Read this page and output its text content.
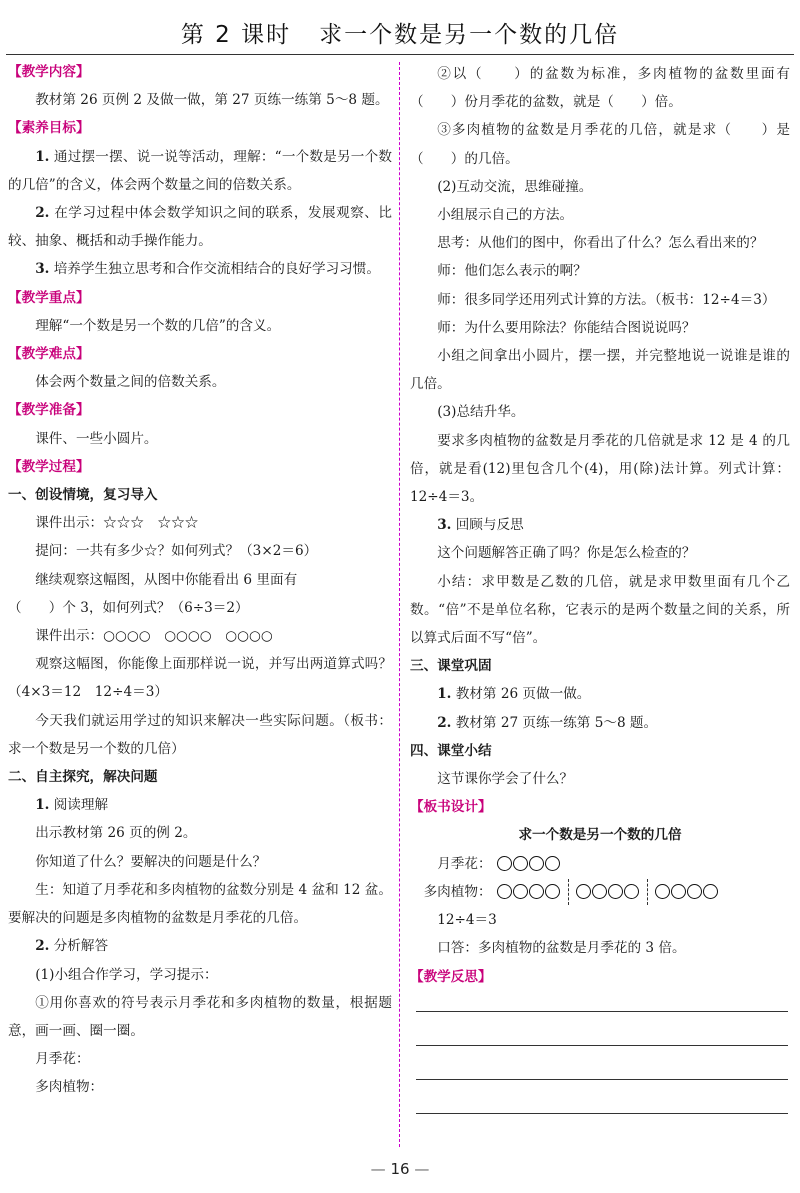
第 2 课时 求一个数是另一个数的几倍
【教学内容】
教材第 26 页例 2 及做一做，第 27 页练一练第 5～8 题。
【素养目标】
1. 通过摆一摆、说一说等活动，理解：“一个数是另一个数的几倍”的含义，体会两个数量之间的倍数关系。
2. 在学习过程中体会数学知识之间的联系，发展观察、比较、抽象、概括和动手操作能力。
3. 培养学生独立思考和合作交流相结合的良好学习习惯。
【教学重点】
理解“一个数是另一个数的几倍”的含义。
【教学难点】
体会两个数量之间的倍数关系。
【教学准备】
课件、一些小圆片。
【教学过程】
一、创设情境，复习导入
课件出示：☆☆☆　☆☆☆
提问：一共有多少☆？如何列式？（3×2＝6）
继续观察这幅图，从图中你能看出 6 里面有
（　　）个 3，如何列式？（6÷3＝2）
课件出示：○○○○　○○○○　○○○○
观察这幅图，你能像上面那样说一说，并写出两道算式吗？（4×3＝12　12÷4＝3）
今天我们就运用学过的知识来解决一些实际问题。（板书：求一个数是另一个数的几倍）
二、自主探究，解决问题
1. 阅读理解
出示教材第 26 页的例 2。
你知道了什么？要解决的问题是什么？
生：知道了月季花和多肉植物的盆数分别是 4 盆和 12 盆。要解决的问题是多肉植物的盆数是月季花的几倍。
2. 分析解答
(1)小组合作学习，学习提示：
①用你喜欢的符号表示月季花和多肉植物的数量，根据题意，画一画、圈一圈。
月季花：
多肉植物：
②以（　　）的盆数为标准，多肉植物的盆数里面有（　　）份月季花的盆数，就是（　　）倍。
③多肉植物的盆数是月季花的几倍，就是求（　　）是（　　）的几倍。
(2)互动交流，思维碰撞。
小组展示自己的方法。
思考：从他们的图中，你看出了什么？怎么看出来的？
师：他们怎么表示的啊？
师：很多同学还用列式计算的方法。（板书：12÷4＝3）
师：为什么要用除法？你能结合图说说吗？
小组之间拿出小圆片，摆一摆，并完整地说一说谁是谁的几倍。
(3)总结升华。
要求多肉植物的盆数是月季花的几倍就是求 12 是 4 的几倍，就是看(12)里包含几个(4)，用(除)法计算。列式计算：12÷4＝3。
3. 回顾与反思
这个问题解答正确了吗？你是怎么检查的？
小结：求甲数是乙数的几倍，就是求甲数里面有几个乙数。“倍”不是单位名称，它表示的是两个数量之间的关系，所以算式后面不写“倍”。
三、课堂巩固
1. 教材第 26 页做一做。
2. 教材第 27 页练一练第 5～8 题。
四、课堂小结
这节课你学会了什么？
【板书设计】
求一个数是另一个数的几倍
月季花：
多肉植物：
12÷4＝3
口答：多肉植物的盆数是月季花的 3 倍。
【教学反思】
— 16 —
